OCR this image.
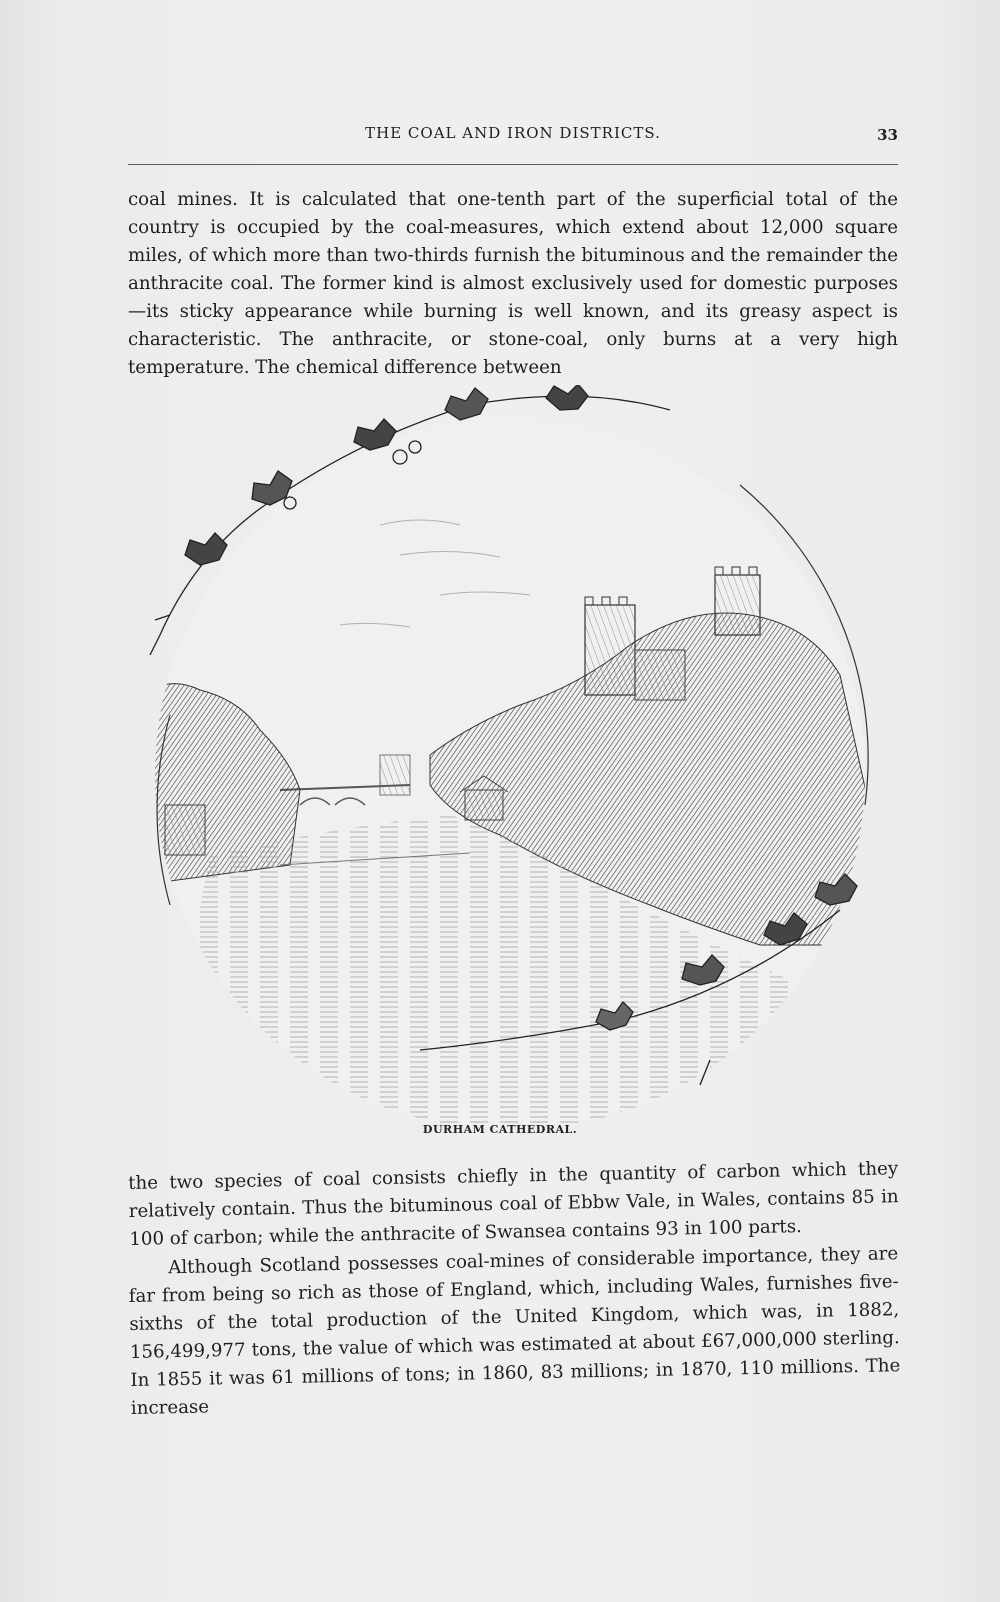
THE COAL AND IRON DISTRICTS.	33

coal mines. It is calculated that one-tenth part of the superficial total of the country is occupied by the coal-measures, which extend about 12,000 square miles, of which more than two-thirds furnish the bituminous and the remainder the anthracite coal. The former kind is almost exclusively used for domestic purposes—its sticky appearance while burning is well known, and its greasy aspect is characteristic. The anthracite, or stone-coal, only burns at a very high temperature. The chemical difference between

DURHAM CATHEDRAL.

the two species of coal consists chiefly in the quantity of carbon which they relatively contain. Thus the bituminous coal of Ebbw Vale, in Wales, contains 85 in 100 of carbon; while the anthracite of Swansea contains 93 in 100 parts.

Although Scotland possesses coal-mines of considerable importance, they are far from being so rich as those of England, which, including Wales, furnishes five-sixths of the total production of the United Kingdom, which was, in 1882, 156,499,977 tons, the value of which was estimated at about £67,000,000 sterling. In 1855 it was 61 millions of tons; in 1860, 83 millions; in 1870, 110 millions. The increase
